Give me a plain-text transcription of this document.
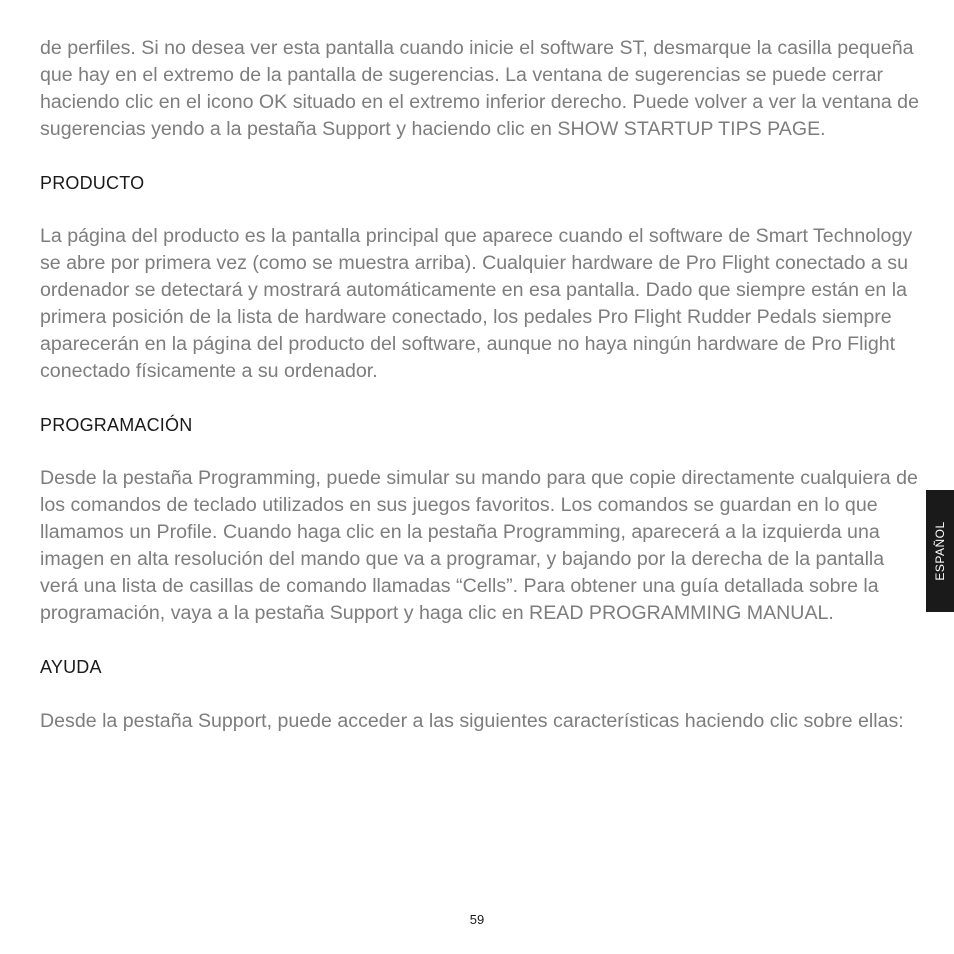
de perfiles. Si no desea ver esta pantalla cuando inicie el software ST, desmarque la casilla pequeña que hay en el extremo de la pantalla de sugerencias. La ventana de sugerencias se puede cerrar haciendo clic en el icono OK situado en el extremo inferior derecho. Puede volver a ver la ventana de sugerencias yendo a la pestaña Support y haciendo clic en SHOW STARTUP TIPS PAGE.

PRODUCTO

La página del producto es la pantalla principal que aparece cuando el software de Smart Technology se abre por primera vez (como se muestra arriba). Cualquier hardware de Pro Flight conectado a su ordenador se detectará y mostrará automáticamente en esa pantalla. Dado que siempre están en la primera posición de la lista de hardware conectado, los pedales Pro Flight Rudder Pedals siempre aparecerán en la página del producto del software, aunque no haya ningún hardware de Pro Flight conectado físicamente a su ordenador.

PROGRAMACIÓN

Desde la pestaña Programming, puede simular su mando para que copie directamente cualquiera de los comandos de teclado utilizados en sus juegos favoritos. Los comandos se guardan en lo que llamamos un Profile. Cuando haga clic en la pestaña Programming, aparecerá a la izquierda una imagen en alta resolución del mando que va a programar, y bajando por la derecha de la pantalla verá una lista de casillas de comando llamadas “Cells”. Para obtener una guía detallada sobre la programación, vaya a la pestaña Support y haga clic en READ PROGRAMMING MANUAL.

AYUDA

Desde la pestaña Support, puede acceder a las siguientes características haciendo clic sobre ellas:

ESPAÑOL
59
